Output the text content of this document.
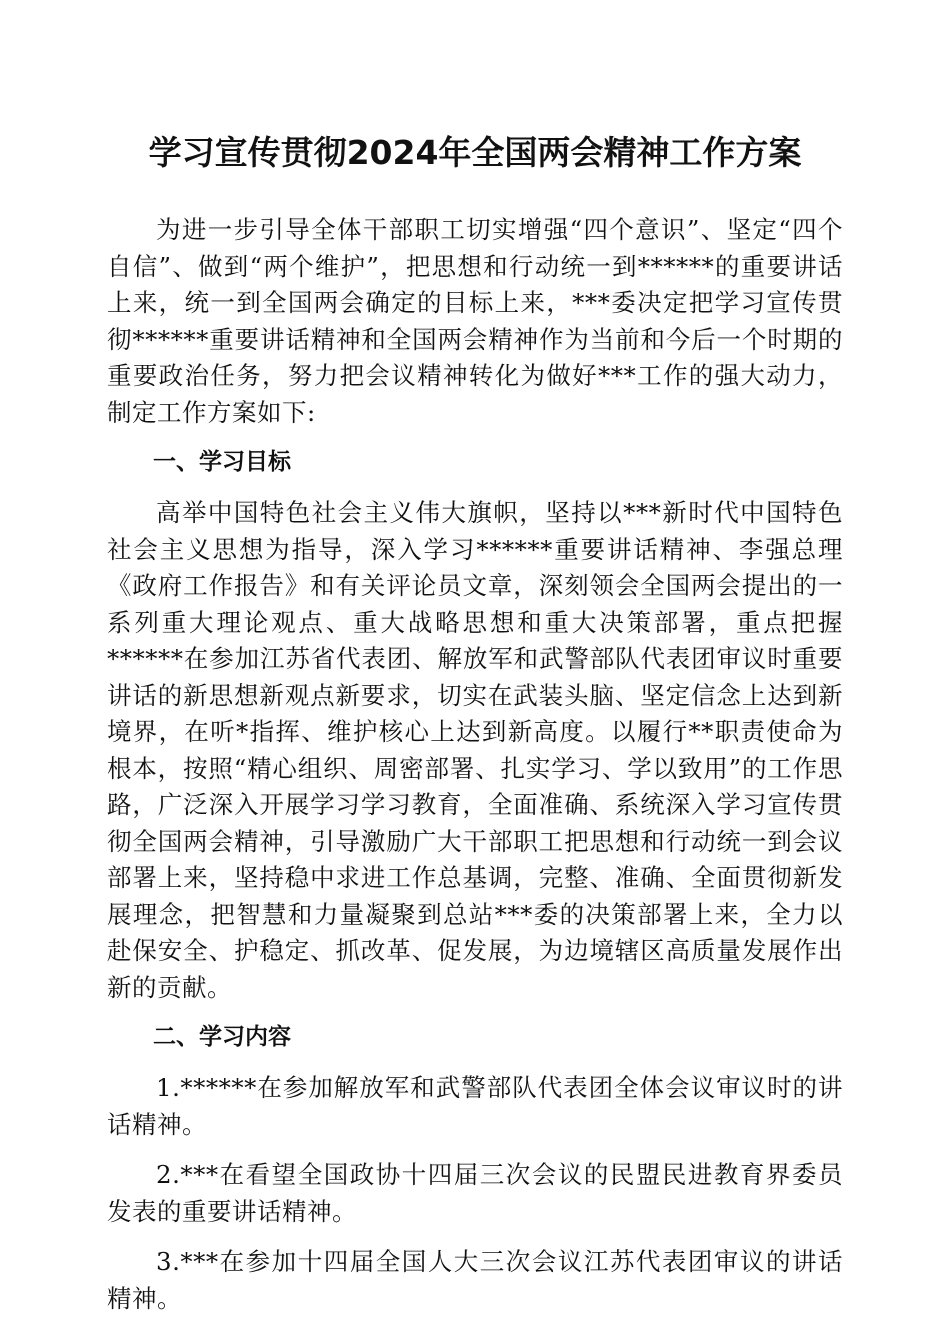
学习宣传贯彻2024年全国两会精神工作方案

为进一步引导全体干部职工切实增强“四个意识”、坚定“四个自信”、做到“两个维护”，把思想和行动统一到******的重要讲话上来，统一到全国两会确定的目标上来，***委决定把学习宣传贯彻******重要讲话精神和全国两会精神作为当前和今后一个时期的重要政治任务，努力把会议精神转化为做好***工作的强大动力，制定工作方案如下:

一、学习目标

高举中国特色社会主义伟大旗帜，坚持以***新时代中国特色社会主义思想为指导，深入学习******重要讲话精神、李强总理《政府工作报告》和有关评论员文章，深刻领会全国两会提出的一系列重大理论观点、重大战略思想和重大决策部署，重点把握******在参加江苏省代表团、解放军和武警部队代表团审议时重要讲话的新思想新观点新要求，切实在武装头脑、坚定信念上达到新境界，在听*指挥、维护核心上达到新高度。以履行**职责使命为根本，按照“精心组织、周密部署、扎实学习、学以致用”的工作思路，广泛深入开展学习学习教育，全面准确、系统深入学习宣传贯彻全国两会精神，引导激励广大干部职工把思想和行动统一到会议部署上来，坚持稳中求进工作总基调，完整、准确、全面贯彻新发展理念，把智慧和力量凝聚到总站***委的决策部署上来，全力以赴保安全、护稳定、抓改革、促发展，为边境辖区高质量发展作出新的贡献。

二、学习内容

1.******在参加解放军和武警部队代表团全体会议审议时的讲话精神。

2.***在看望全国政协十四届三次会议的民盟民进教育界委员发表的重要讲话精神。

3.***在参加十四届全国人大三次会议江苏代表团审议的讲话精神。
